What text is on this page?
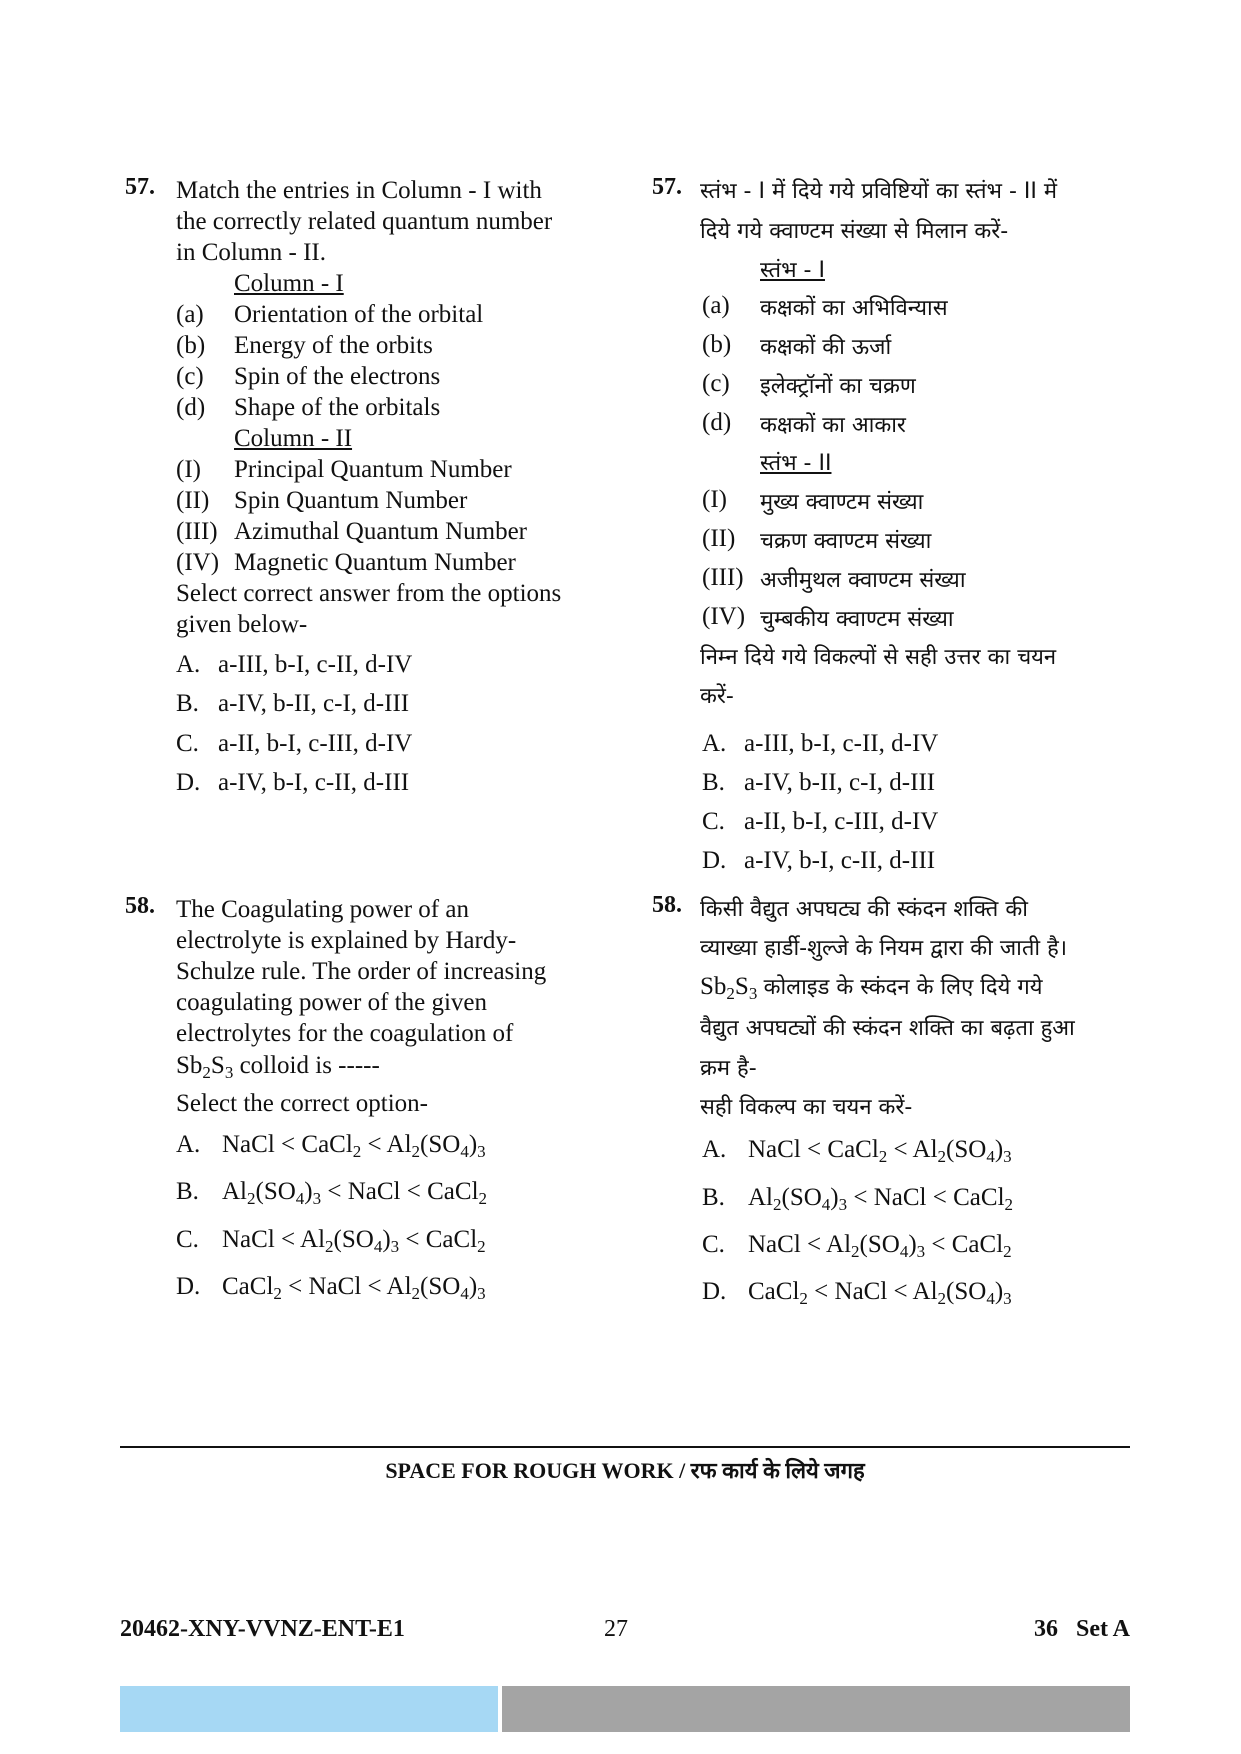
57. Match the entries in Column - I with
the correctly related quantum number
in Column - II.
Column - I
(a) Orientation of the orbital
(b) Energy of the orbits
(c) Spin of the electrons
(d) Shape of the orbitals
Column - II
(I) Principal Quantum Number
(II) Spin Quantum Number
(III) Azimuthal Quantum Number
(IV) Magnetic Quantum Number
Select correct answer from the options
given below-
A. a-III, b-I, c-II, d-IV
B. a-IV, b-II, c-I, d-III
C. a-II, b-I, c-III, d-IV
D. a-IV, b-I, c-II, d-III
58. The Coagulating power of an
electrolyte is explained by Hardy-
Schulze rule. The order of increasing
coagulating power of the given
electrolytes for the coagulation of
$Sb_2S_3$ colloid is -----
Select the correct option-
A. NaCl < CaCl$_2$ < $Al_2(SO_4)_3$
B. $Al_2(SO_4)_3$ < NaCl < CaCl$_2$
C. NaCl < $Al_2(SO_4)_3$ < CaCl$_2$
D. CaCl$_2$ < NaCl < $Al_2(SO_4)_3$
57. स्तंभ - I में दिये गये प्रविष्टियों का स्तंभ - II में
दिये गये क्वाण्टम संख्या से मिलान करें-
स्तंभ - I
(a) कक्षकों का अभिविन्यास
(b) कक्षकों की ऊर्जा
(c) इलेक्ट्रॉनों का चक्रण
(d) कक्षकों का आकार
स्तंभ - II
(I) मुख्य क्वाण्टम संख्या
(II) चक्रण क्वाण्टम संख्या
(III) अजीमुथल क्वाण्टम संख्या
(IV) चुम्बकीय क्वाण्टम संख्या
निम्न दिये गये विकल्पों से सही उत्तर का चयन
करें-
A. a-III, b-I, c-II, d-IV
B. a-IV, b-II, c-I, d-III
C. a-II, b-I, c-III, d-IV
D. a-IV, b-I, c-II, d-III
58. किसी वैद्युत अपघट्य की स्कंदन शक्ति की
व्याख्या हार्डी-शुल्जे के नियम द्वारा की जाती है।
$Sb_2S_3$ कोलाइड के स्कंदन के लिए दिये गये
वैद्युत अपघट्यों की स्कंदन शक्ति का बढ़ता हुआ
क्रम है-
सही विकल्प का चयन करें-
A. NaCl < CaCl$_2$ < $Al_2(SO_4)_3$
B. $Al_2(SO_4)_3$ < NaCl < CaCl$_2$
C. NaCl < $Al_2(SO_4)_3$ < CaCl$_2$
D. CaCl$_2$ < NaCl < $Al_2(SO_4)_3$
SPACE FOR ROUGH WORK / रफ कार्य के लिये जगह
20462-XNY-VVNZ-ENT-E1	27	36   Set A
